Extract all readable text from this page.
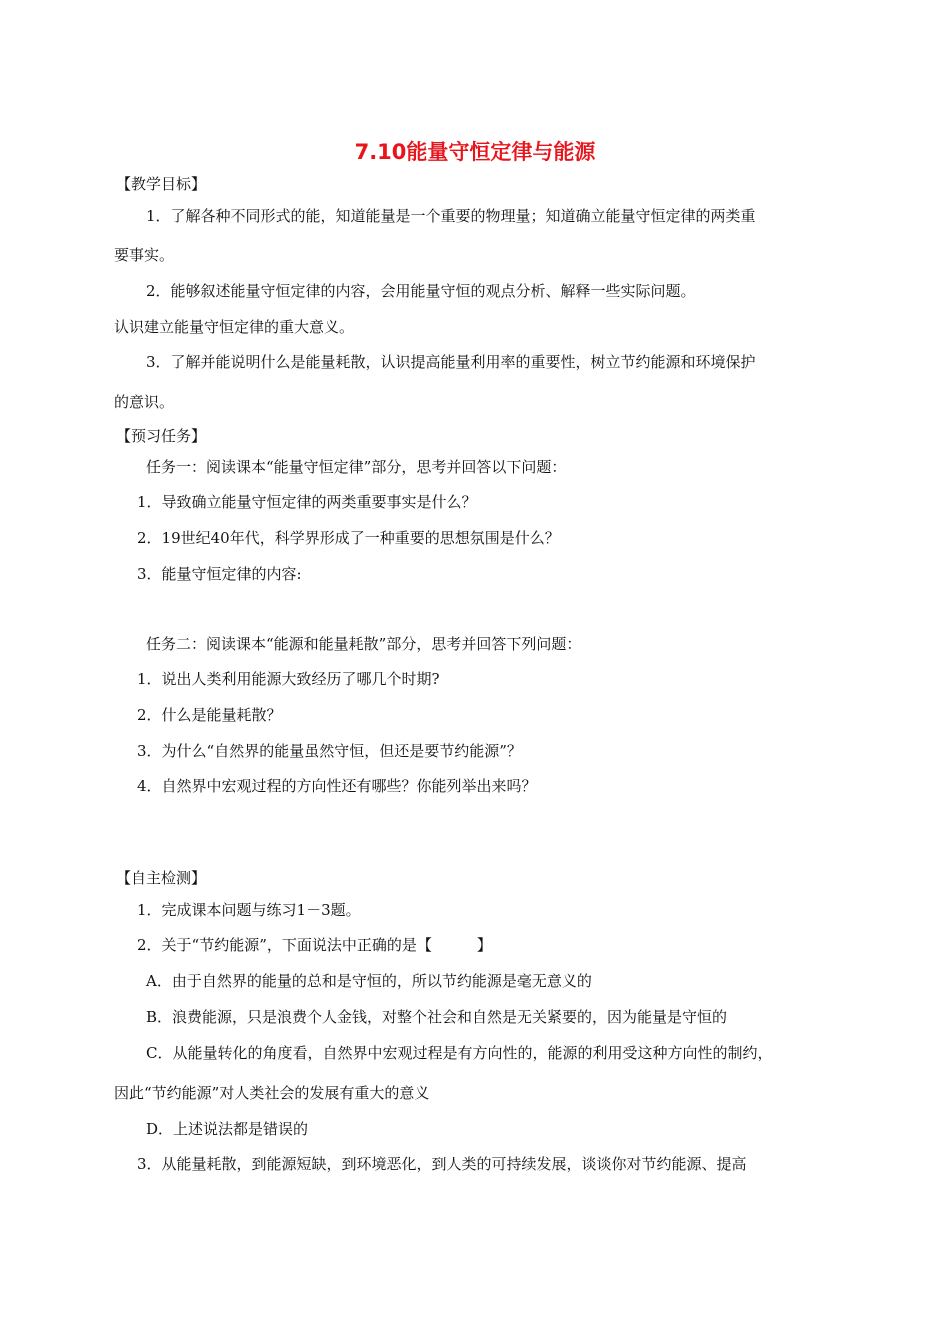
7.10能量守恒定律与能源
【教学目标】
1．了解各种不同形式的能，知道能量是一个重要的物理量；知道确立能量守恒定律的两类重
要事实。
2．能够叙述能量守恒定律的内容，会用能量守恒的观点分析、解释一些实际问题。
认识建立能量守恒定律的重大意义。
3．了解并能说明什么是能量耗散，认识提高能量利用率的重要性，树立节约能源和环境保护
的意识。
【预习任务】
任务一：阅读课本“能量守恒定律”部分，思考并回答以下问题：
1．导致确立能量守恒定律的两类重要事实是什么？
2．19世纪40年代，科学界形成了一种重要的思想氛围是什么？
3．能量守恒定律的内容:
任务二：阅读课本“能源和能量耗散”部分，思考并回答下列问题：
1．说出人类利用能源大致经历了哪几个时期?
2．什么是能量耗散？
3．为什么“自然界的能量虽然守恒，但还是要节约能源”？
4．自然界中宏观过程的方向性还有哪些？你能列举出来吗？
【自主检测】
1．完成课本问题与练习1－3题。
2．关于“节约能源”，下面说法中正确的是【　　　】
A．由于自然界的能量的总和是守恒的，所以节约能源是毫无意义的
B．浪费能源，只是浪费个人金钱，对整个社会和自然是无关紧要的，因为能量是守恒的
C．从能量转化的角度看，自然界中宏观过程是有方向性的，能源的利用受这种方向性的制约，
因此“节约能源”对人类社会的发展有重大的意义
D．上述说法都是错误的
3．从能量耗散，到能源短缺，到环境恶化，到人类的可持续发展，谈谈你对节约能源、提高
